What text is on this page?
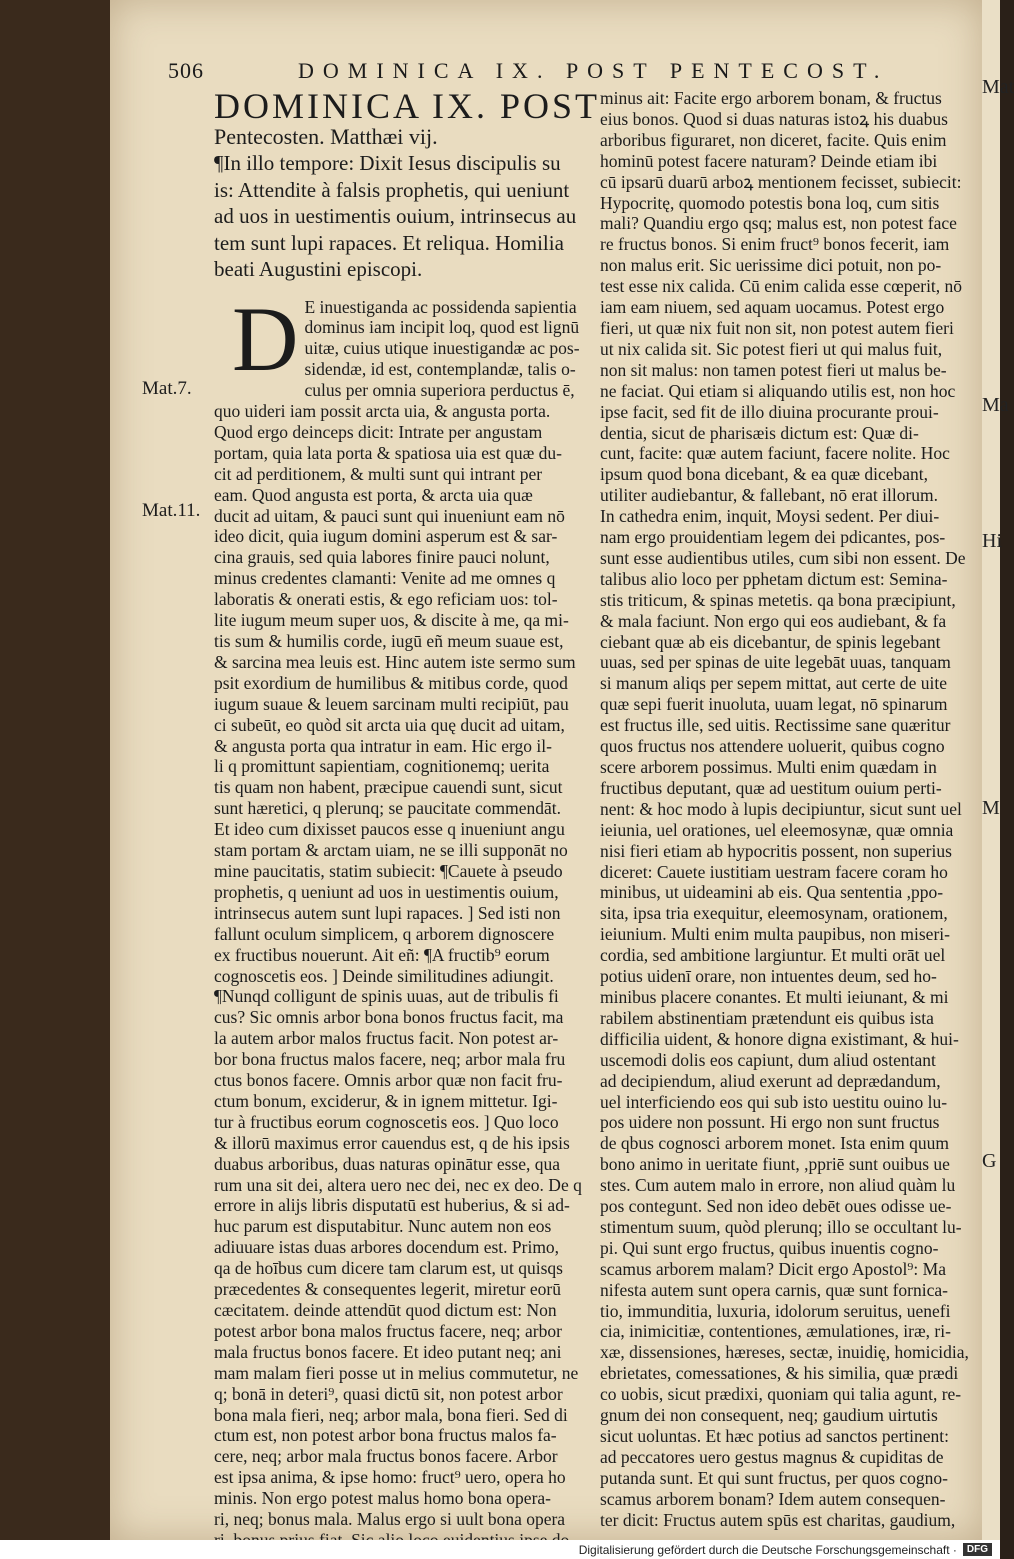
Mat
Ma
Hi
M
G
506	DOMINICA IX. POST PENTECOST.
Mat.7.
Mat.11.

DOMINICA IX. POST

Pentecosten. Matthæi vij.

¶In illo tempore: Dixit Iesus discipulis su

is: Attendite à falsis prophetis, qui ueniunt

ad uos in uestimentis ouium, intrinsecus au

tem sunt lupi rapaces. Et reliqua. Homilia

beati Augustini episcopi.

D E inuestiganda ac possidenda sapientia

dominus iam incipit loq, quod est lignū

uitæ, cuius utique inuestigandæ ac pos-

sidendæ, id est, contemplandæ, talis o-

culus per omnia superiora perductus ē,

quo uideri iam possit arcta uia, & angusta porta.

Quod ergo deinceps dicit: Intrate per angustam

portam, quia lata porta & spatiosa uia est quæ du-

cit ad perditionem, & multi sunt qui intrant per

eam. Quod angusta est porta, & arcta uia quæ

ducit ad uitam, & pauci sunt qui inueniunt eam nō

ideo dicit, quia iugum domini asperum est & sar-

cina grauis, sed quia labores finire pauci nolunt,

minus credentes clamanti: Venite ad me omnes q

laboratis & onerati estis, & ego reficiam uos: tol-

lite iugum meum super uos, & discite à me, qa mi-

tis sum & humilis corde, iugū eñ meum suaue est,

& sarcina mea leuis est. Hinc autem iste sermo sum

psit exordium de humilibus & mitibus corde, quod

iugum suaue & leuem sarcinam multi recipiūt, pau

ci subeūt, eo quòd sit arcta uia quę ducit ad uitam,

& angusta porta qua intratur in eam. Hic ergo il-

li q promittunt sapientiam, cognitionemq; uerita

tis quam non habent, præcipue cauendi sunt, sicut

sunt hæretici, q plerunq; se paucitate commendāt.

Et ideo cum dixisset paucos esse q inueniunt angu

stam portam & arctam uiam, ne se illi supponāt no

mine paucitatis, statim subiecit: ¶Cauete à pseudo

prophetis, q ueniunt ad uos in uestimentis ouium,

intrinsecus autem sunt lupi rapaces. ] Sed isti non

fallunt oculum simplicem, q arborem dignoscere

ex fructibus nouerunt. Ait eñ: ¶A fructib⁹ eorum

cognoscetis eos. ] Deinde similitudines adiungit.

¶Nunqd colligunt de spinis uuas, aut de tribulis fi

cus? Sic omnis arbor bona bonos fructus facit, ma

la autem arbor malos fructus facit. Non potest ar-

bor bona fructus malos facere, neq; arbor mala fru

ctus bonos facere. Omnis arbor quæ non facit fru-

ctum bonum, exciderur, & in ignem mittetur. Igi-

tur à fructibus eorum cognoscetis eos. ] Quo loco

& illorū maximus error cauendus est, q de his ipsis

duabus arboribus, duas naturas opinātur esse, qua

rum una sit dei, altera uero nec dei, nec ex deo. De q

errore in alijs libris disputatū est huberius, & si ad-

huc parum est disputabitur. Nunc autem non eos

adiuuare istas duas arbores docendum est. Primo,

qa de hoībus cum dicere tam clarum est, ut quisqs

præcedentes & consequentes legerit, miretur eorū

cæcitatem. deinde attendūt quod dictum est: Non

potest arbor bona malos fructus facere, neq; arbor

mala fructus bonos facere. Et ideo putant neq; ani

mam malam fieri posse ut in melius commutetur, ne

q; bonā in deteri⁹, quasi dictū sit, non potest arbor

bona mala fieri, neq; arbor mala, bona fieri. Sed di

ctum est, non potest arbor bona fructus malos fa-

cere, neq; arbor mala fructus bonos facere. Arbor

est ipsa anima, & ipse homo: fruct⁹ uero, opera ho

minis. Non ergo potest malus homo bona opera-

ri, neq; bonus mala. Malus ergo si uult bona opera

minus ait: Facite ergo arborem bonam, & fructus

eius bonos. Quod si duas naturas istoꝝ his duabus

arboribus figuraret, non diceret, facite. Quis enim

hominū potest facere naturam? Deinde etiam ibi

cū ipsarū duarū arboꝝ mentionem fecisset, subiecit:

Hypocritę, quomodo potestis bona loq, cum sitis

mali? Quandiu ergo qsq; malus est, non potest face

re fructus bonos. Si enim fruct⁹ bonos fecerit, iam

non malus erit. Sic uerissime dici potuit, non po-

test esse nix calida. Cū enim calida esse cœperit, nō

iam eam niuem, sed aquam uocamus. Potest ergo

fieri, ut quæ nix fuit non sit, non potest autem fieri

ut nix calida sit. Sic potest fieri ut qui malus fuit,

non sit malus: non tamen potest fieri ut malus be-

ne faciat. Qui etiam si aliquando utilis est, non hoc

ipse facit, sed fit de illo diuina procurante proui-

dentia, sicut de pharisæis dictum est: Quæ di-

cunt, facite: quæ autem faciunt, facere nolite. Hoc

ipsum quod bona dicebant, & ea quæ dicebant,

utiliter audiebantur, & fallebant, nō erat illorum.

In cathedra enim, inquit, Moysi sedent. Per diui-

nam ergo prouidentiam legem dei pdicantes, pos-

sunt esse audientibus utiles, cum sibi non essent. De

talibus alio loco per pphetam dictum est: Semina-

stis triticum, & spinas metetis. qa bona præcipiunt,

& mala faciunt. Non ergo qui eos audiebant, & fa

ciebant quæ ab eis dicebantur, de spinis legebant

uuas, sed per spinas de uite legebāt uuas, tanquam

si manum aliqs per sepem mittat, aut certe de uite

quæ sepi fuerit inuoluta, uuam legat, nō spinarum

est fructus ille, sed uitis. Rectissime sane quæritur

quos fructus nos attendere uoluerit, quibus cogno

scere arborem possimus. Multi enim quædam in

fructibus deputant, quæ ad uestitum ouium perti-

nent: & hoc modo à lupis decipiuntur, sicut sunt uel

ieiunia, uel orationes, uel eleemosynæ, quæ omnia

nisi fieri etiam ab hypocritis possent, non superius

diceret: Cauete iustitiam uestram facere coram ho

minibus, ut uideamini ab eis. Qua sententia ,ppo-

sita, ipsa tria exequitur, eleemosynam, orationem,

ieiunium. Multi enim multa paupibus, non miseri-

cordia, sed ambitione largiuntur. Et multi orāt uel

potius uidenī orare, non intuentes deum, sed ho-

minibus placere conantes. Et multi ieiunant, & mi

rabilem abstinentiam prætendunt eis quibus ista

difficilia uident, & honore digna existimant, & hui-

uscemodi dolis eos capiunt, dum aliud ostentant

ad decipiendum, aliud exerunt ad deprædandum,

uel interficiendo eos qui sub isto uestitu ouino lu-

pos uidere non possunt. Hi ergo non sunt fructus

de qbus cognosci arborem monet. Ista enim quum

bono animo in ueritate fiunt, ,ppriē sunt ouibus ue

stes. Cum autem malo in errore, non aliud quàm lu

pos contegunt. Sed non ideo debēt oues odisse ue-

stimentum suum, quòd plerunq; illo se occultant lu-

pi. Qui sunt ergo fructus, quibus inuentis cogno-

scamus arborem malam? Dicit ergo Apostol⁹: Ma

nifesta autem sunt opera carnis, quæ sunt fornica-

tio, immunditia, luxuria, idolorum seruitus, uenefi

cia, inimicitiæ, contentiones, æmulationes, iræ, ri-

xæ, dissensiones, hæreses, sectæ, inuidię, homicidia,

ebrietates, comessationes, & his similia, quæ prædi

co uobis, sicut prædixi, quoniam qui talia agunt, re-

gnum dei non consequent, neq; gaudium uirtutis

sicut uoluntas. Et hæc potius ad sanctos pertinent:

ad peccatores uero gestus magnus & cupiditas de

putanda sunt. Et qui sunt fructus, per quos cogno-

scamus arborem bonam? Idem autem consequen-

ter dicit: Fructus autem spūs est charitas, gaudium,

Digitalisierung gefördert durch die Deutsche Forschungsgemeinschaft ·	DFG
